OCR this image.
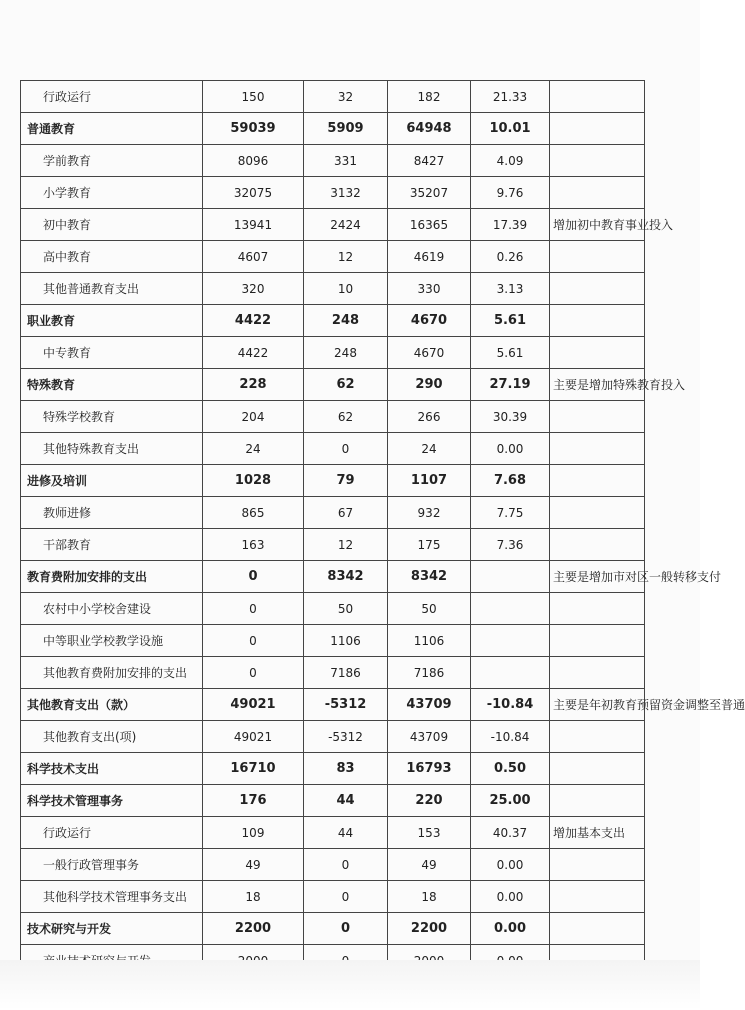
行政运行	150	32	182	21.33	
普通教育	59039	5909	64948	10.01	
学前教育	8096	331	8427	4.09	
小学教育	32075	3132	35207	9.76	
初中教育	13941	2424	16365	17.39	增加初中教育事业投入
高中教育	4607	12	4619	0.26	
其他普通教育支出	320	10	330	3.13	
职业教育	4422	248	4670	5.61	
中专教育	4422	248	4670	5.61	
特殊教育	228	62	290	27.19	主要是增加特殊教育投入
特殊学校教育	204	62	266	30.39	
其他特殊教育支出	24	0	24	0.00	
进修及培训	1028	79	1107	7.68	
教师进修	865	67	932	7.75	
干部教育	163	12	175	7.36	
教育费附加安排的支出	0	8342	8342		主要是增加市对区一般转移支付
农村中小学校舍建设	0	50	50		
中等职业学校教学设施	0	1106	1106		
其他教育费附加安排的支出	0	7186	7186		
其他教育支出（款）	49021	-5312	43709	-10.84	主要是年初教育预留资金调整至普通
其他教育支出(项)	49021	-5312	43709	-10.84	
科学技术支出	16710	83	16793	0.50	
科学技术管理事务	176	44	220	25.00	
行政运行	109	44	153	40.37	增加基本支出
一般行政管理事务	49	0	49	0.00	
其他科学技术管理事务支出	18	0	18	0.00	
技术研究与开发	2200	0	2200	0.00	
